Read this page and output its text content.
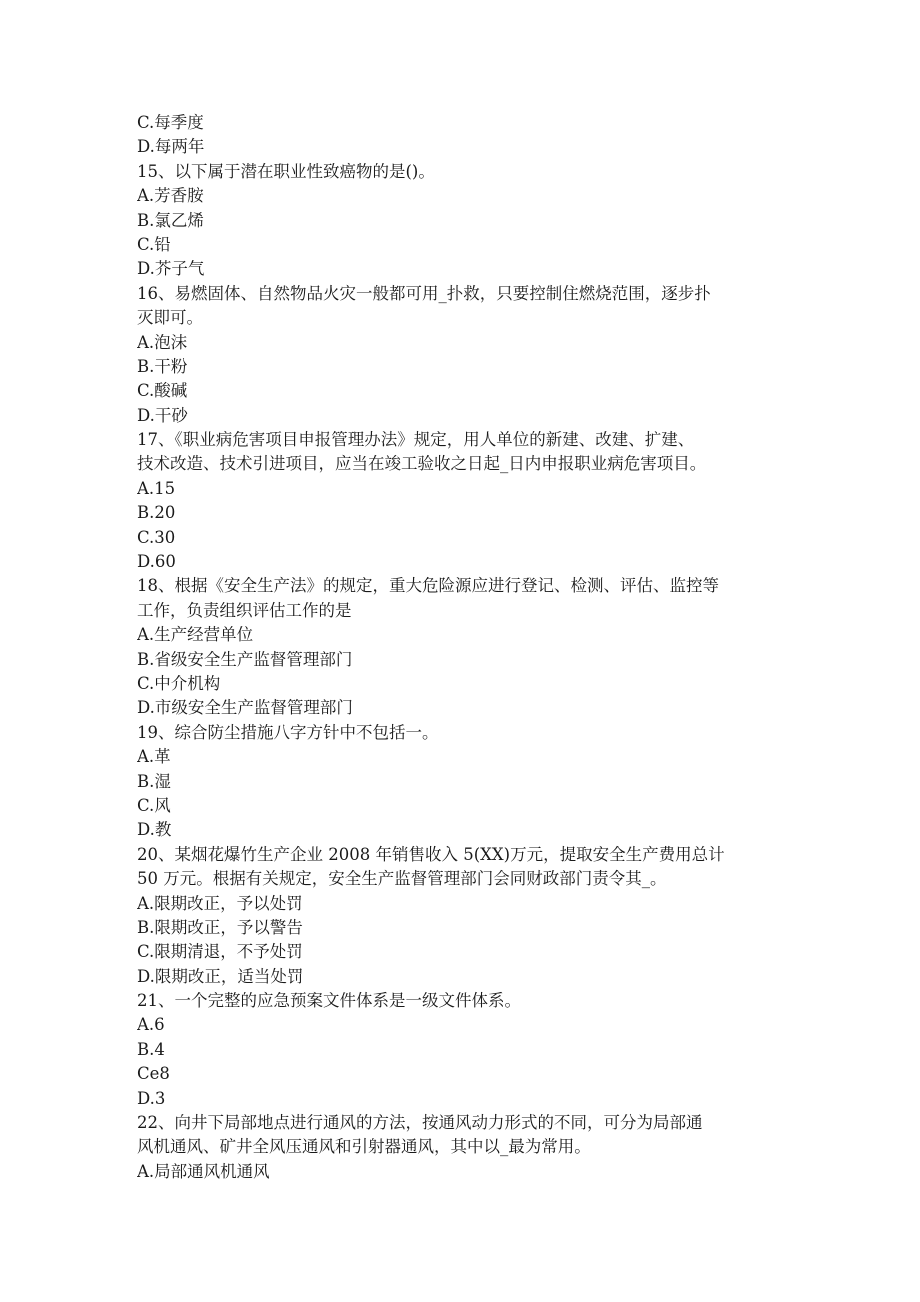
C.每季度
D.每两年
15、以下属于潜在职业性致癌物的是()。
A.芳香胺
B.氯乙烯
C.铅
D.芥子气
16、易燃固体、自然物品火灾一般都可用_扑救，只要控制住燃烧范围，逐步扑
灭即可。
A.泡沫
B.干粉
C.酸碱
D.干砂
17、《职业病危害项目申报管理办法》规定，用人单位的新建、改建、扩建、
技术改造、技术引进项目，应当在竣工验收之日起_日内申报职业病危害项目。
A.15
B.20
C.30
D.60
18、根据《安全生产法》的规定，重大危险源应进行登记、检测、评估、监控等
工作，负责组织评估工作的是
A.生产经营单位
B.省级安全生产监督管理部门
C.中介机构
D.市级安全生产监督管理部门
19、综合防尘措施八字方针中不包括一。
A.革
B.湿
C.风
D.教
20、某烟花爆竹生产企业 2008 年销售收入 5(XX)万元，提取安全生产费用总计
50 万元。根据有关规定，安全生产监督管理部门会同财政部门责令其_。
A.限期改正，予以处罚
B.限期改正，予以警告
C.限期清退，不予处罚
D.限期改正，适当处罚
21、一个完整的应急预案文件体系是一级文件体系。
A.6
B.4
Ce8
D.3
22、向井下局部地点进行通风的方法，按通风动力形式的不同，可分为局部通
风机通风、矿井全风压通风和引射器通风，其中以_最为常用。
A.局部通风机通风
